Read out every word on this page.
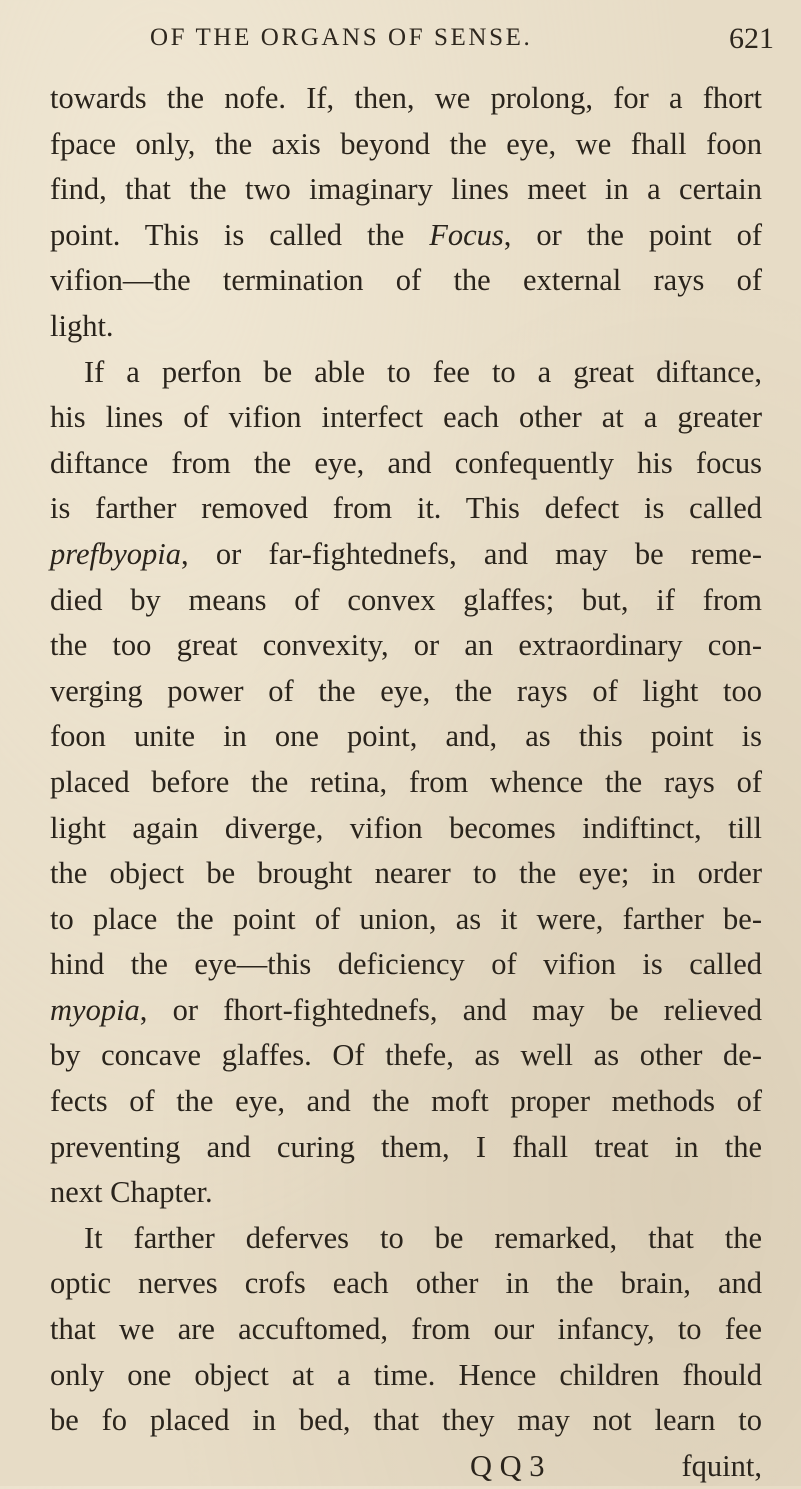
OF THE ORGANS OF SENSE.	621
towards the nofe. If, then, we prolong, for a fhort
fpace only, the axis beyond the eye, we fhall foon
find, that the two imaginary lines meet in a certain
point. This is called the Focus, or the point of
vifion—the termination of the external rays of
light.
If a perfon be able to fee to a great diftance,
his lines of vifion interfect each other at a greater
diftance from the eye, and confequently his focus
is farther removed from it. This defect is called
prefbyopia, or far-fightednefs, and may be reme-
died by means of convex glaffes; but, if from
the too great convexity, or an extraordinary con-
verging power of the eye, the rays of light too
foon unite in one point, and, as this point is
placed before the retina, from whence the rays of
light again diverge, vifion becomes indiftinct, till
the object be brought nearer to the eye; in order
to place the point of union, as it were, farther be-
hind the eye—this deficiency of vifion is called
myopia, or fhort-fightednefs, and may be relieved
by concave glaffes. Of thefe, as well as other de-
fects of the eye, and the moft proper methods of
preventing and curing them, I fhall treat in the
next Chapter.
It farther deferves to be remarked, that the
optic nerves crofs each other in the brain, and
that we are accuftomed, from our infancy, to fee
only one object at a time. Hence children fhould
be fo placed in bed, that they may not learn to
Q Q 3	fquint,
